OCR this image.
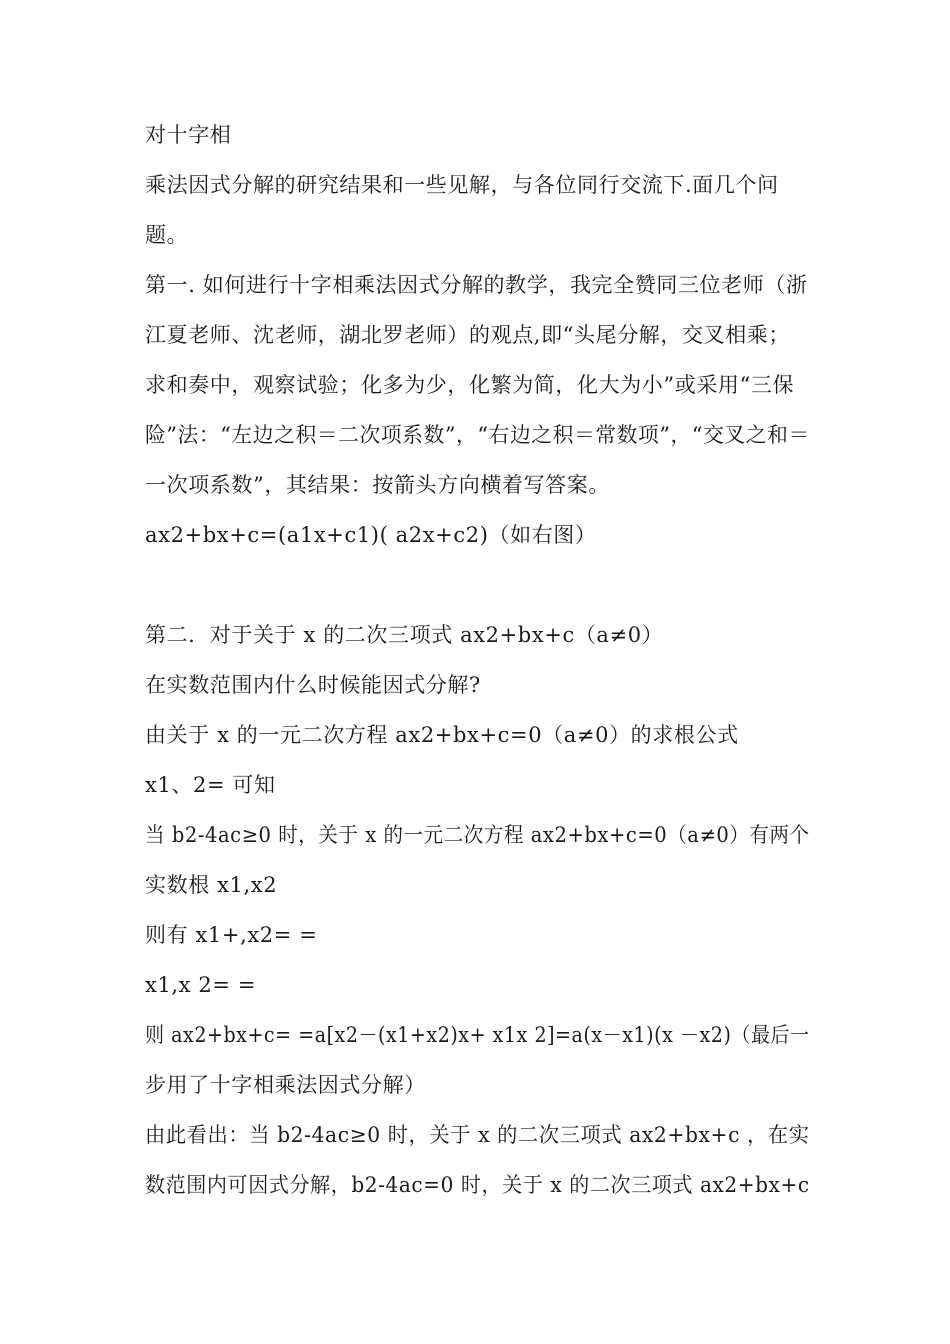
对十字相
乘法因式分解的研究结果和一些见解，与各位同行交流下.面几个问
题。
第一. 如何进行十字相乘法因式分解的教学，我完全赞同三位老师（浙
江夏老师、沈老师，湖北罗老师）的观点,即“头尾分解，交叉相乘；
求和奏中，观察试验；化多为少，化繁为简，化大为小”或采用“三保
险”法：“左边之积＝二次项系数”，“右边之积＝常数项”，“交叉之和＝
一次项系数”，其结果：按箭头方向横着写答案。
ax2+bx+c=(a1x+c1)( a2x+c2)（如右图）
第二．对于关于 x 的二次三项式 ax2+bx+c（a≠0）
在实数范围内什么时候能因式分解?
由关于 x 的一元二次方程 ax2+bx+c=0（a≠0）的求根公式
x1、2= 可知
当 b2-4ac≥0 时，关于 x 的一元二次方程 ax2+bx+c=0（a≠0）有两个
实数根 x1,x2
则有 x1+,x2= =
x1,x 2= =
则 ax2+bx+c= =a[x2－(x1+x2)x+ x1x 2]=a(x－x1)(x －x2)（最后一
步用了十字相乘法因式分解）
由此看出：当 b2-4ac≥0 时，关于 x 的二次三项式 ax2+bx+c ，在实
数范围内可因式分解，b2-4ac=0 时，关于 x 的二次三项式 ax2+bx+c
